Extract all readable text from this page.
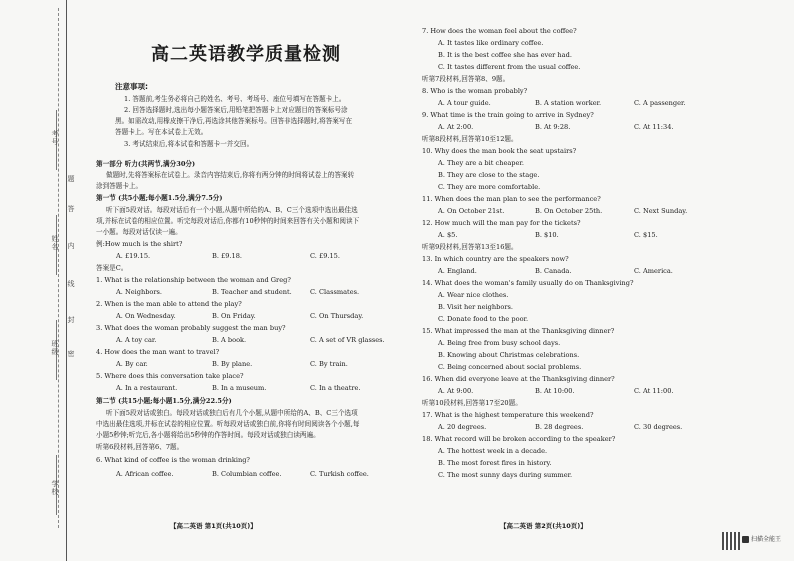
考号
姓名
班级
学校
题
答
内
线
封
密
高二英语教学质量检测
注意事项:
1. 答题前,考生务必将自己的姓名、考号、考场号、座位号填写在答题卡上。
2. 回答选择题时,选出每小题答案后,用铅笔把答题卡上对应题目的答案标号涂
黑。如需改动,用橡皮擦干净后,再选涂其他答案标号。回答非选择题时,将答案写在
答题卡上。写在本试卷上无效。
3. 考试结束后,将本试卷和答题卡一并交回。
第一部分 听力(共两节,满分30分)
做题时,先将答案标在试卷上。录音内容结束后,你将有两分钟的时间将试卷上的答案转
涂到答题卡上。
第一节 (共5小题;每小题1.5分,满分7.5分)
听下面5段对话。每段对话后有一个小题,从题中所给的A、B、C三个选项中选出最佳选
项,并标在试卷的相应位置。听完每段对话后,你都有10秒钟的时间来回答有关小题和阅读下
一小题。每段对话仅读一遍。
例:How much is the shirt?
A. £19.15.	B. £9.18.	C. £9.15.
答案是C。
1. What is the relationship between the woman and Greg?
A. Neighbors.	B. Teacher and student.	C. Classmates.
2. When is the man able to attend the play?
A. On Wednesday.	B. On Friday.	C. On Thursday.
3. What does the woman probably suggest the man buy?
A. A toy car.	B. A book.	C. A set of VR glasses.
4. How does the man want to travel?
A. By car.	B. By plane.	C. By train.
5. Where does this conversation take place?
A. In a restaurant.	B. In a museum.	C. In a theatre.
第二节 (共15小题;每小题1.5分,满分22.5分)
听下面5段对话或独白。每段对话或独白后有几个小题,从题中所给的A、B、C三个选项
中选出最佳选项,并标在试卷的相应位置。听每段对话或独白前,你将有时间阅读各个小题,每
小题5秒钟;听完后,各小题将给出5秒钟的作答时间。每段对话或独白读两遍。
听第6段材料,回答第6、7题。
6. What kind of coffee is the woman drinking?
A. African coffee.	B. Columbian coffee.	C. Turkish coffee.
【高二英语 第1页(共10页)】
7. How does the woman feel about the coffee?
A. It tastes like ordinary coffee.
B. It is the best coffee she has ever had.
C. It tastes different from the usual coffee.
听第7段材料,回答第8、9题。
8. Who is the woman probably?
A. A tour guide.	B. A station worker.	C. A passenger.
9. What time is the train going to arrive in Sydney?
A. At 2:00.	B. At 9:28.	C. At 11:34.
听第8段材料,回答第10至12题。
10. Why does the man book the seat upstairs?
A. They are a bit cheaper.
B. They are close to the stage.
C. They are more comfortable.
11. When does the man plan to see the performance?
A. On October 21st.	B. On October 25th.	C. Next Sunday.
12. How much will the man pay for the tickets?
A. $5.	B. $10.	C. $15.
听第9段材料,回答第13至16题。
13. In which country are the speakers now?
A. England.	B. Canada.	C. America.
14. What does the woman's family usually do on Thanksgiving?
A. Wear nice clothes.
B. Visit her neighbors.
C. Donate food to the poor.
15. What impressed the man at the Thanksgiving dinner?
A. Being free from busy school days.
B. Knowing about Christmas celebrations.
C. Being concerned about social problems.
16. When did everyone leave at the Thanksgiving dinner?
A. At 9:00.	B. At 10:00.	C. At 11:00.
听第10段材料,回答第17至20题。
17. What is the highest temperature this weekend?
A. 20 degrees.	B. 28 degrees.	C. 30 degrees.
18. What record will be broken according to the speaker?
A. The hottest week in a decade.
B. The most forest fires in history.
C. The most sunny days during summer.
【高二英语 第2页(共10页)】
扫描全能王
